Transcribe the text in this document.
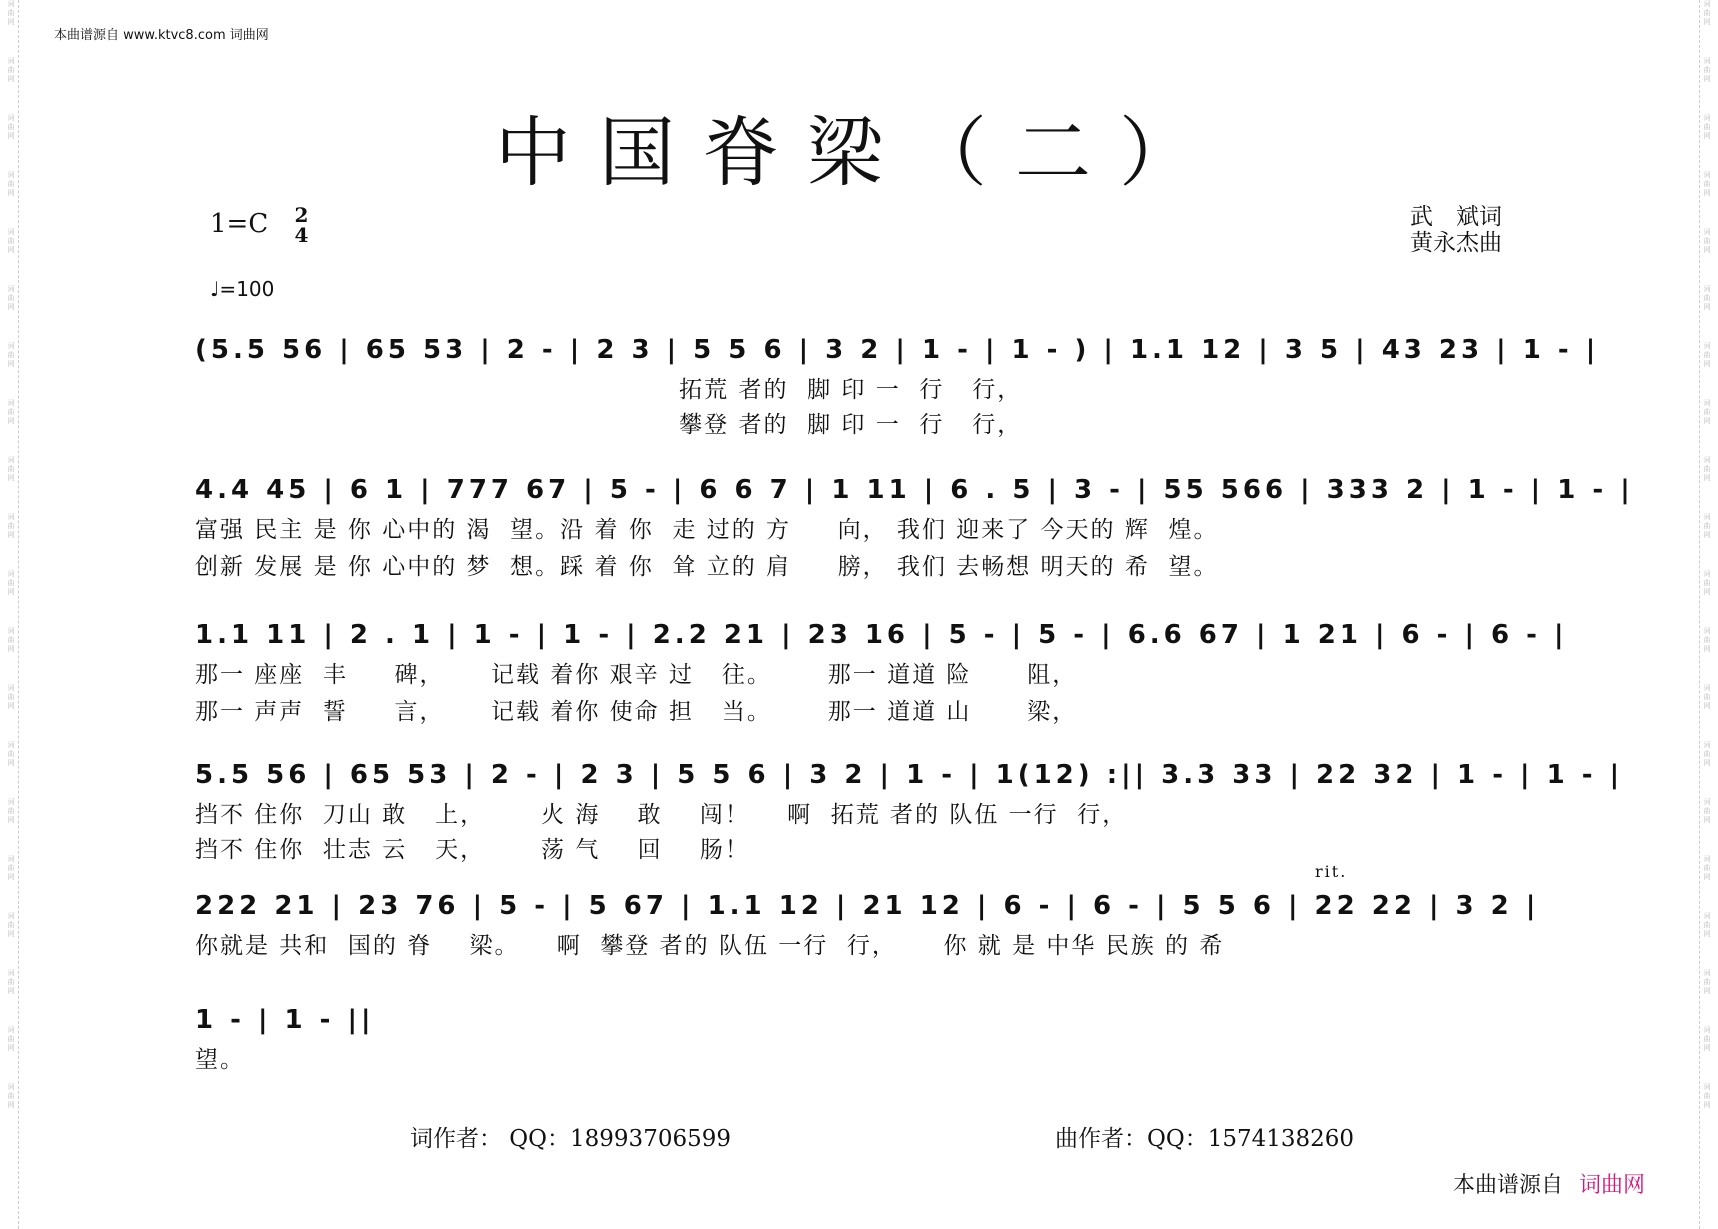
词
曲
网
词
曲
网
词
曲
网
词
曲
网
词
曲
网
词
曲
网
词
曲
网
词
曲
网
词
曲
网
词
曲
网
词
曲
网
词
曲
网
词
曲
网
词
曲
网
词
曲
网
词
曲
网
词
曲
网
词
曲
网
词
曲
网
词
曲
网
词
曲
网
词
曲
网
词
曲
网
词
曲
网
词
曲
网
词
曲
网
词
曲
网
词
曲
网
词
曲
网
词
曲
网
词
曲
网
词
曲
网
词
曲
网
词
曲
网
词
曲
网
词
曲
网
词
曲
网
词
曲
网
词
曲
网
词
曲
网
本曲谱源自 www.ktvc8.com 词曲网
中国脊梁（二）
1=C 2
4
♩=100
武　斌词
黄永杰曲
(5.5 56 | 65 53 | 2 - | 2 3 | 5 5 6 | 3 2 | 1 - | 1 - ) | 1.1 12 | 3 5 | 43 23 | 1 - |
拓荒 者的  脚 印 一  行   行，
攀登 者的  脚 印 一  行   行，
4.4 45 | 6 1 | 777 67 | 5 - | 6 6 7 | 1 11 | 6 . 5 | 3 - | 55 566 | 333 2 | 1 - | 1 - |
富强 民主 是 你 心中的 渴  望。沿 着 你  走 过的 方     向， 我们 迎来了 今天的 辉  煌。
创新 发展 是 你 心中的 梦  想。踩 着 你  耸 立的 肩     膀， 我们 去畅想 明天的 希  望。
1.1 11 | 2 . 1 | 1 - | 1 - | 2.2 21 | 23 16 | 5 - | 5 - | 6.6 67 | 1 21 | 6 - | 6 - |
那一 座座  丰     碑，     记载 着你 艰辛 过   往。      那一 道道 险      阻，
那一 声声  誓     言，     记载 着你 使命 担   当。      那一 道道 山      梁，
5.5 56 | 65 53 | 2 - | 2 3 | 5 5 6 | 3 2 | 1 - | 1(12) :|| 3.3 33 | 22 32 | 1 - | 1 - |
挡不 住你  刀山 敢   上，      火 海    敢    闯！    啊  拓荒 者的 队伍 一行  行，
挡不 住你  壮志 云   天，      荡 气    回    肠！
rit.
222 21 | 23 76 | 5 - | 5 67 | 1.1 12 | 21 12 | 6 - | 6 - | 5 5 6 | 22 22 | 3 2 |
你就是 共和  国的 脊    梁。    啊  攀登 者的 队伍 一行  行，     你 就 是 中华 民族 的 希
1 - | 1 - ||
望。
词作者： QQ：18993706599	曲作者：QQ：1574138260
本曲谱源自 词曲网
